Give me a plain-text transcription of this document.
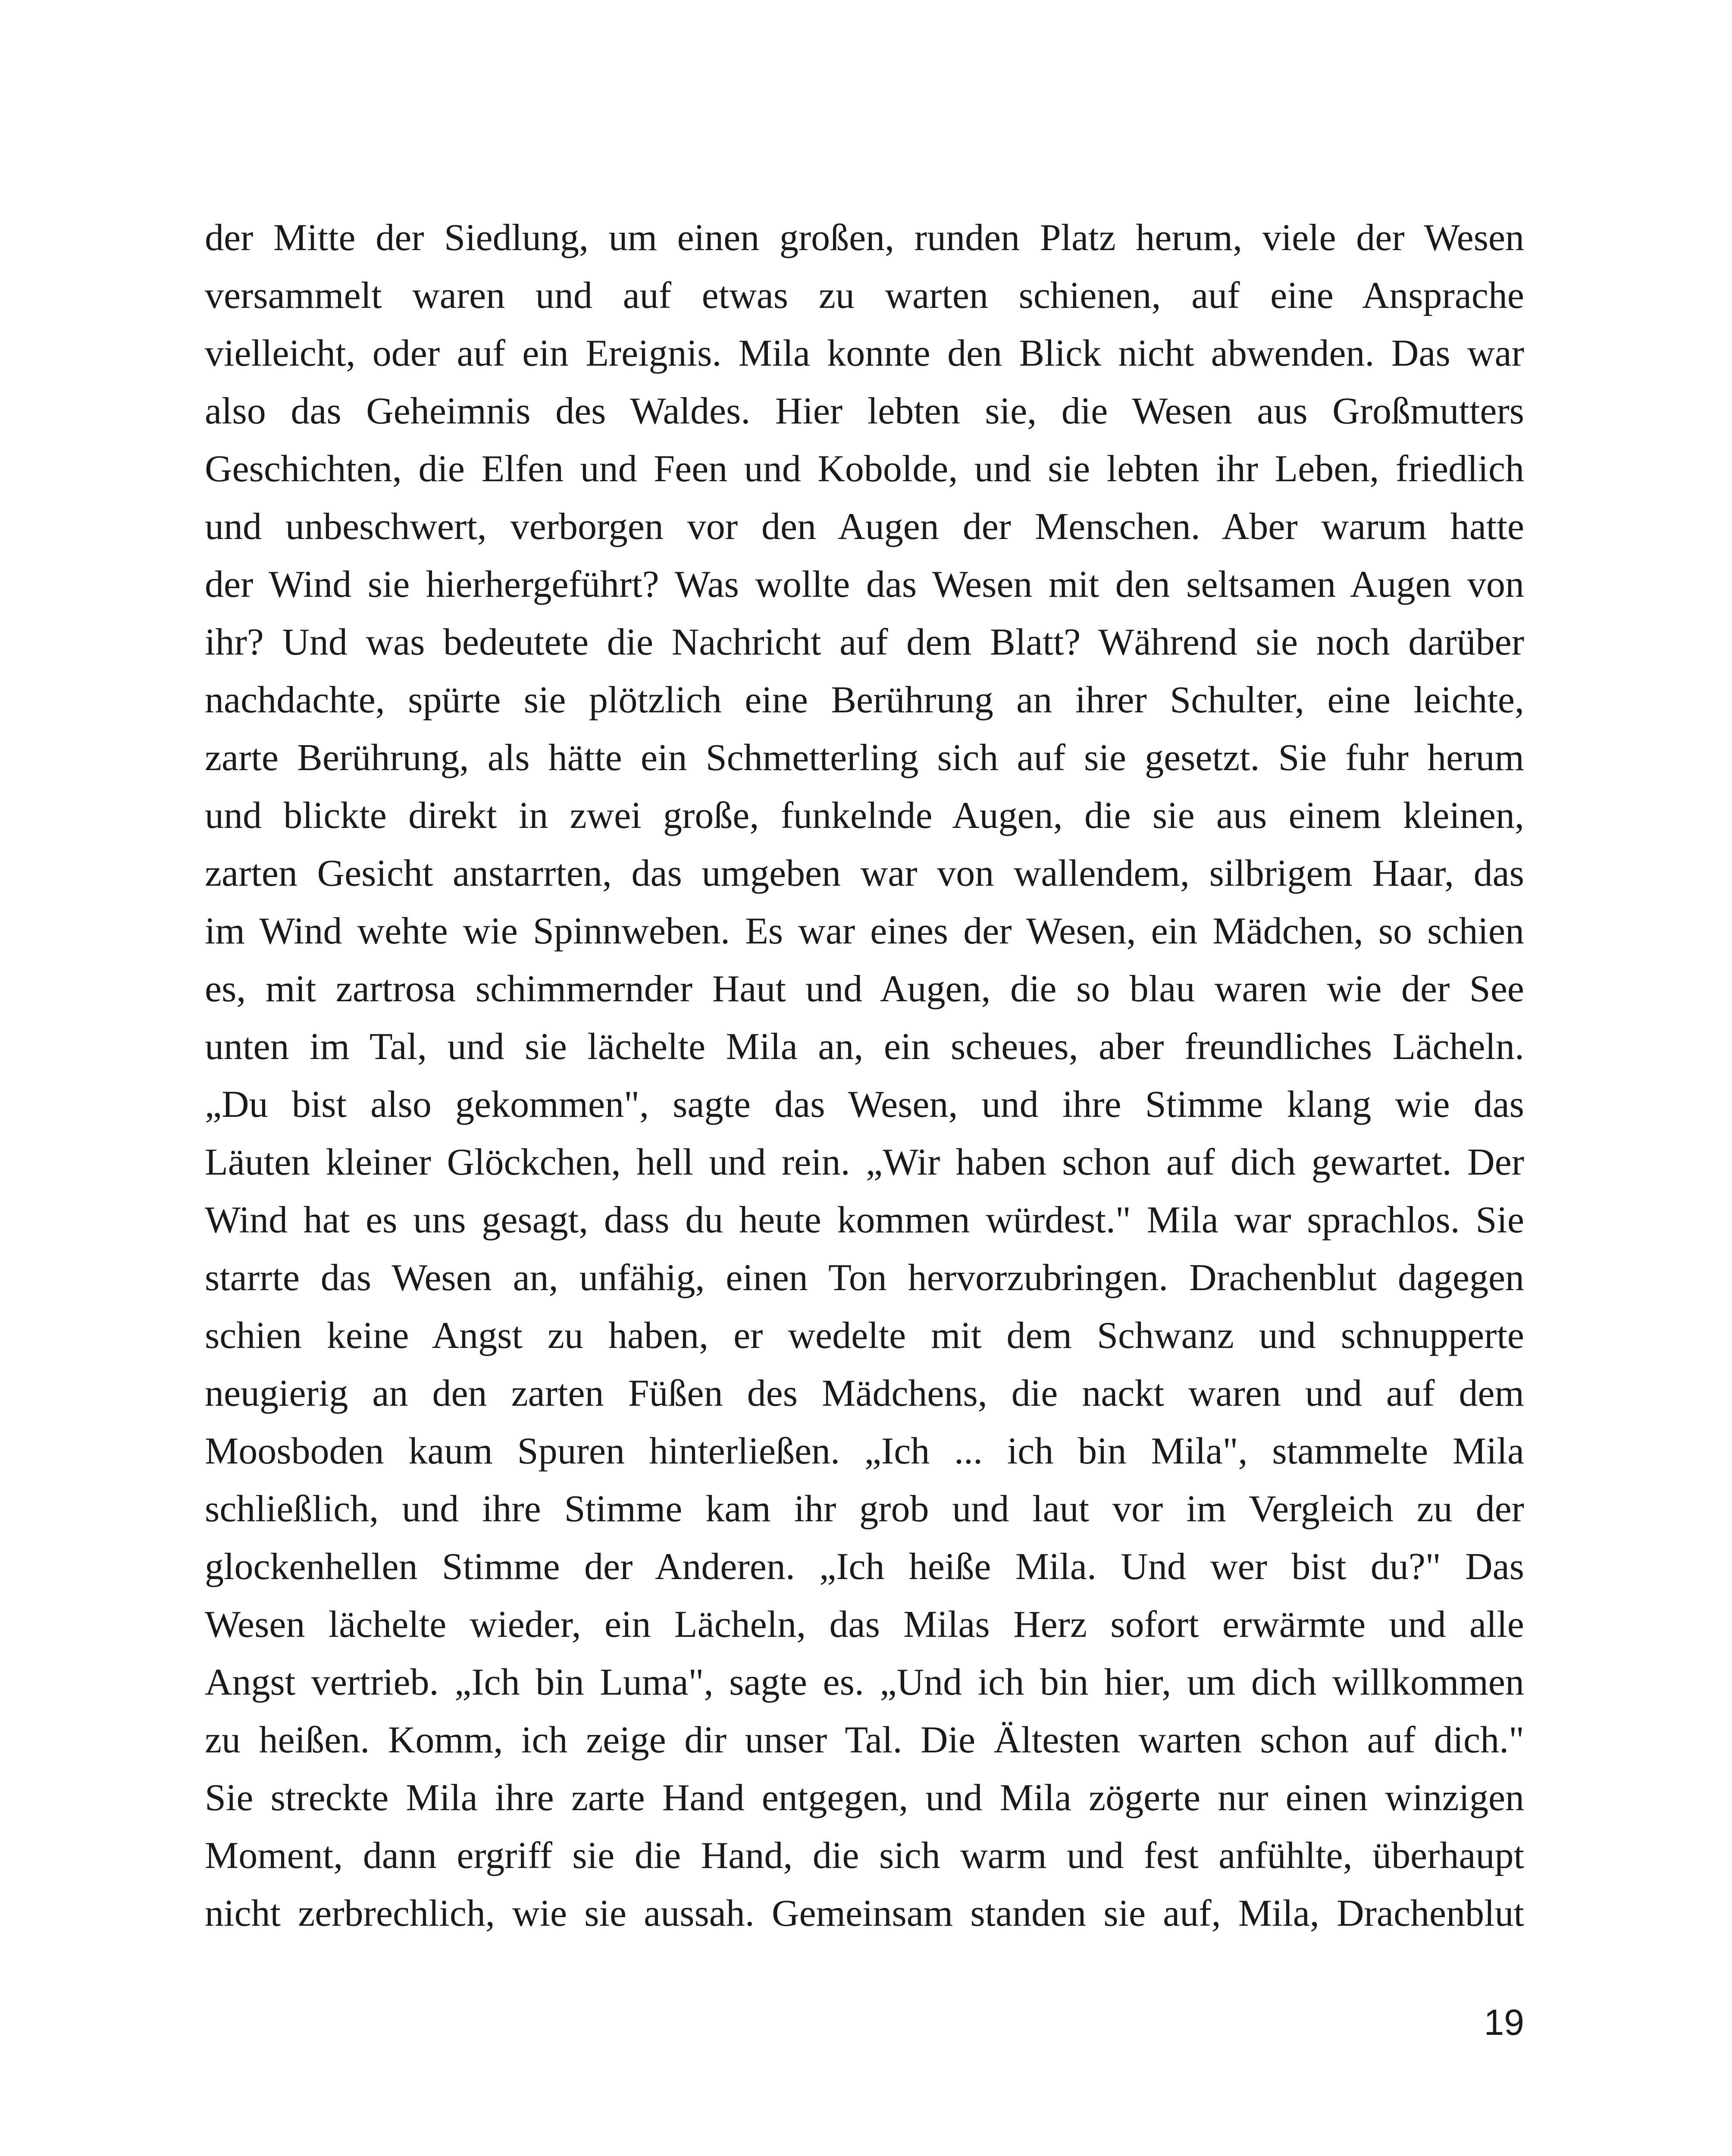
der Mitte der Siedlung, um einen großen, runden Platz herum, viele der Wesen
versammelt waren und auf etwas zu warten schienen, auf eine Ansprache
vielleicht, oder auf ein Ereignis. Mila konnte den Blick nicht abwenden. Das war
also das Geheimnis des Waldes. Hier lebten sie, die Wesen aus Großmutters
Geschichten, die Elfen und Feen und Kobolde, und sie lebten ihr Leben, friedlich
und unbeschwert, verborgen vor den Augen der Menschen. Aber warum hatte
der Wind sie hierhergeführt? Was wollte das Wesen mit den seltsamen Augen von
ihr? Und was bedeutete die Nachricht auf dem Blatt? Während sie noch darüber
nachdachte, spürte sie plötzlich eine Berührung an ihrer Schulter, eine leichte,
zarte Berührung, als hätte ein Schmetterling sich auf sie gesetzt. Sie fuhr herum
und blickte direkt in zwei große, funkelnde Augen, die sie aus einem kleinen,
zarten Gesicht anstarrten, das umgeben war von wallendem, silbrigem Haar, das
im Wind wehte wie Spinnweben. Es war eines der Wesen, ein Mädchen, so schien
es, mit zartrosa schimmernder Haut und Augen, die so blau waren wie der See
unten im Tal, und sie lächelte Mila an, ein scheues, aber freundliches Lächeln.
„Du bist also gekommen", sagte das Wesen, und ihre Stimme klang wie das
Läuten kleiner Glöckchen, hell und rein. „Wir haben schon auf dich gewartet. Der
Wind hat es uns gesagt, dass du heute kommen würdest." Mila war sprachlos. Sie
starrte das Wesen an, unfähig, einen Ton hervorzubringen. Drachenblut dagegen
schien keine Angst zu haben, er wedelte mit dem Schwanz und schnupperte
neugierig an den zarten Füßen des Mädchens, die nackt waren und auf dem
Moosboden kaum Spuren hinterließen. „Ich ... ich bin Mila", stammelte Mila
schließlich, und ihre Stimme kam ihr grob und laut vor im Vergleich zu der
glockenhellen Stimme der Anderen. „Ich heiße Mila. Und wer bist du?" Das
Wesen lächelte wieder, ein Lächeln, das Milas Herz sofort erwärmte und alle
Angst vertrieb. „Ich bin Luma", sagte es. „Und ich bin hier, um dich willkommen
zu heißen. Komm, ich zeige dir unser Tal. Die Ältesten warten schon auf dich."
Sie streckte Mila ihre zarte Hand entgegen, und Mila zögerte nur einen winzigen
Moment, dann ergriff sie die Hand, die sich warm und fest anfühlte, überhaupt
nicht zerbrechlich, wie sie aussah. Gemeinsam standen sie auf, Mila, Drachenblut
19
